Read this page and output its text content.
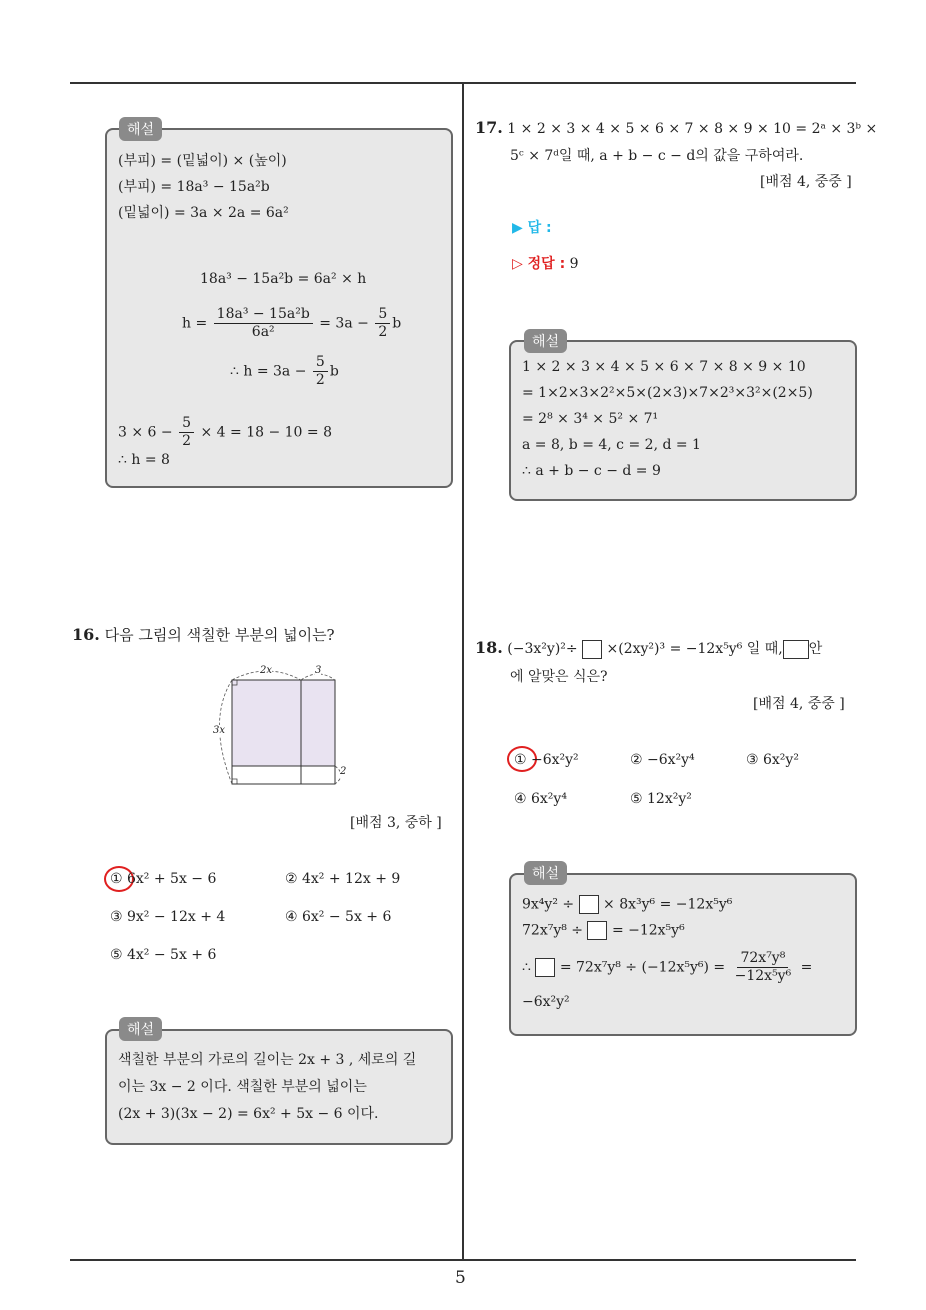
5
해설
(부피) = (밑넓이) × (높이)
(부피) = 18a³ − 15a²b
(밑넓이) = 3a × 2a = 6a²
18a³ − 15a²b = 6a² × h
$h = \frac{\text{18a³ − 15a²b}}{\text{6a²}} = 3a - \frac{5}{2}$ b
∴ $h = 3a - \frac{5}{2}$ b
$3 \times 6 - \frac{5}{2} \times 4 = 18 - 10 = 8$
∴ h = 8
16. 다음 그림의 색칠한 부분의 넓이는?
2x	3
3x
2
[배점 3, 중하 ]
① 6x² + 5x − 6	② 4x² + 12x + 9
③ 9x² − 12x + 4	④ 6x² − 5x + 6
⑤ 4x² − 5x + 6
해설
색칠한 부분의 가로의 길이는 2x + 3 , 세로의 길
이는 3x − 2 이다. 색칠한 부분의 넓이는
(2x + 3)(3x − 2) = 6x² + 5x − 6 이다.
17. 1 × 2 × 3 × 4 × 5 × 6 × 7 × 8 × 9 × 10 = 2ᵃ × 3ᵇ ×
5ᶜ × 7ᵈ일 때, a + b − c − d의 값을 구하여라.
[배점 4, 중중 ]
▶ 답 :
▷ 정답 : 9
해설
1 × 2 × 3 × 4 × 5 × 6 × 7 × 8 × 9 × 10
= 1×2×3×2²×5×(2×3)×7×2³×3²×(2×5)
= 2⁸ × 3⁴ × 5² × 7¹
a = 8, b = 4, c = 2, d = 1
∴ a + b − c − d = 9
18. (−3x²y)²÷ ×(2xy²)³ = −12x⁵y⁶ 일 때, 안
에 알맞은 식은?
[배점 4, 중중 ]
① −6x²y²	② −6x²y⁴	③ 6x²y²
④ 6x²y⁴	⑤ 12x²y²
해설
9x⁴y² ÷ × 8x³y⁶ = −12x⁵y⁶
72x⁷y⁸ ÷ = −12x⁵y⁶
∴ = $72x^7y^8 \div (-12x^5y^6) = \frac{\text{72x⁷y⁸}}{\text{−12x⁵y⁶}}$ =
−6x²y²
